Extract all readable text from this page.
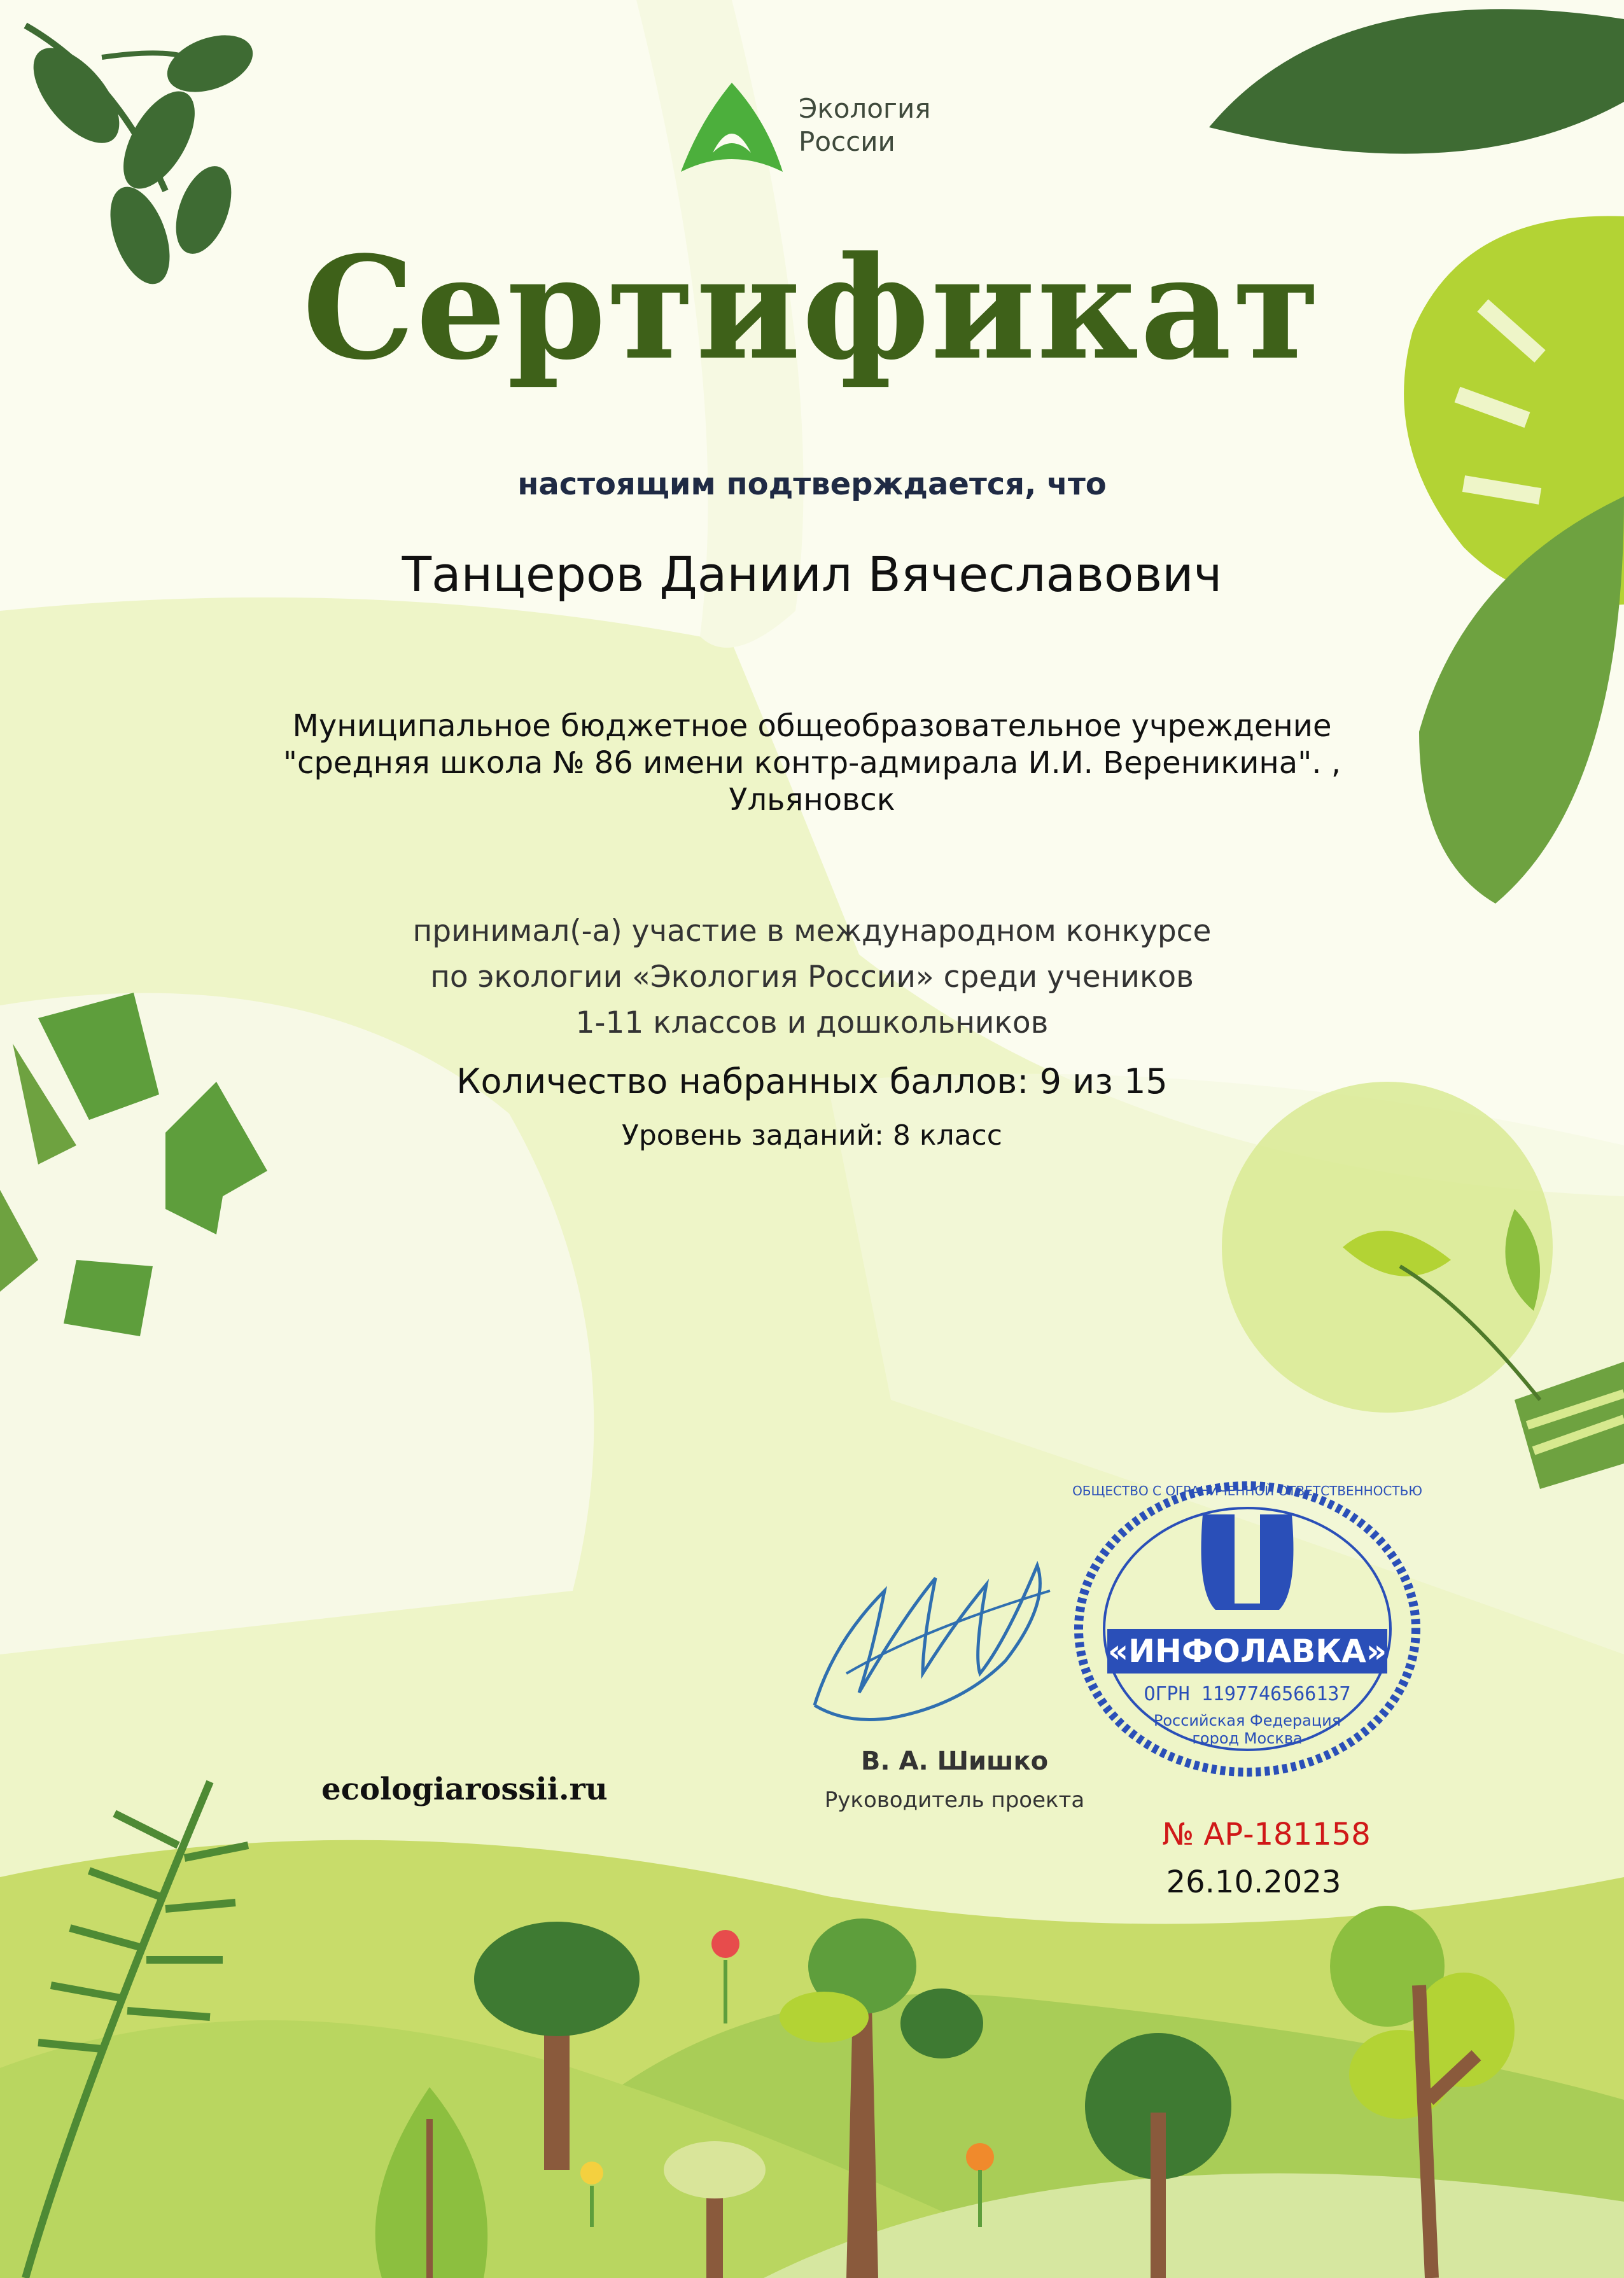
Экология
России
Сертификат

настоящим подтверждается, что

Танцеров Даниил Вячеславович

Муниципальное бюджетное общеобразовательное учреждение
"средняя школа № 86 имени контр-адмирала И.И. Вереникина". ,
Ульяновск

принимал(-а) участие в международном конкурсе
по экологии «Экология России» среди учеников
1-11 классов и дошкольников

Количество набранных баллов: 9 из 15

Уровень заданий: 8 класс

«ИНФОЛАВКА»
ОГРН 1197746566137
Российская Федерация
город Москва
ОБЩЕСТВО С ОГРАНИЧЕННОЙ ОТВЕТСТВЕННОСТЬЮ
ecologiarossii.ru
В. А. Шишко
Руководитель проекта
№ АР-181158
26.10.2023
